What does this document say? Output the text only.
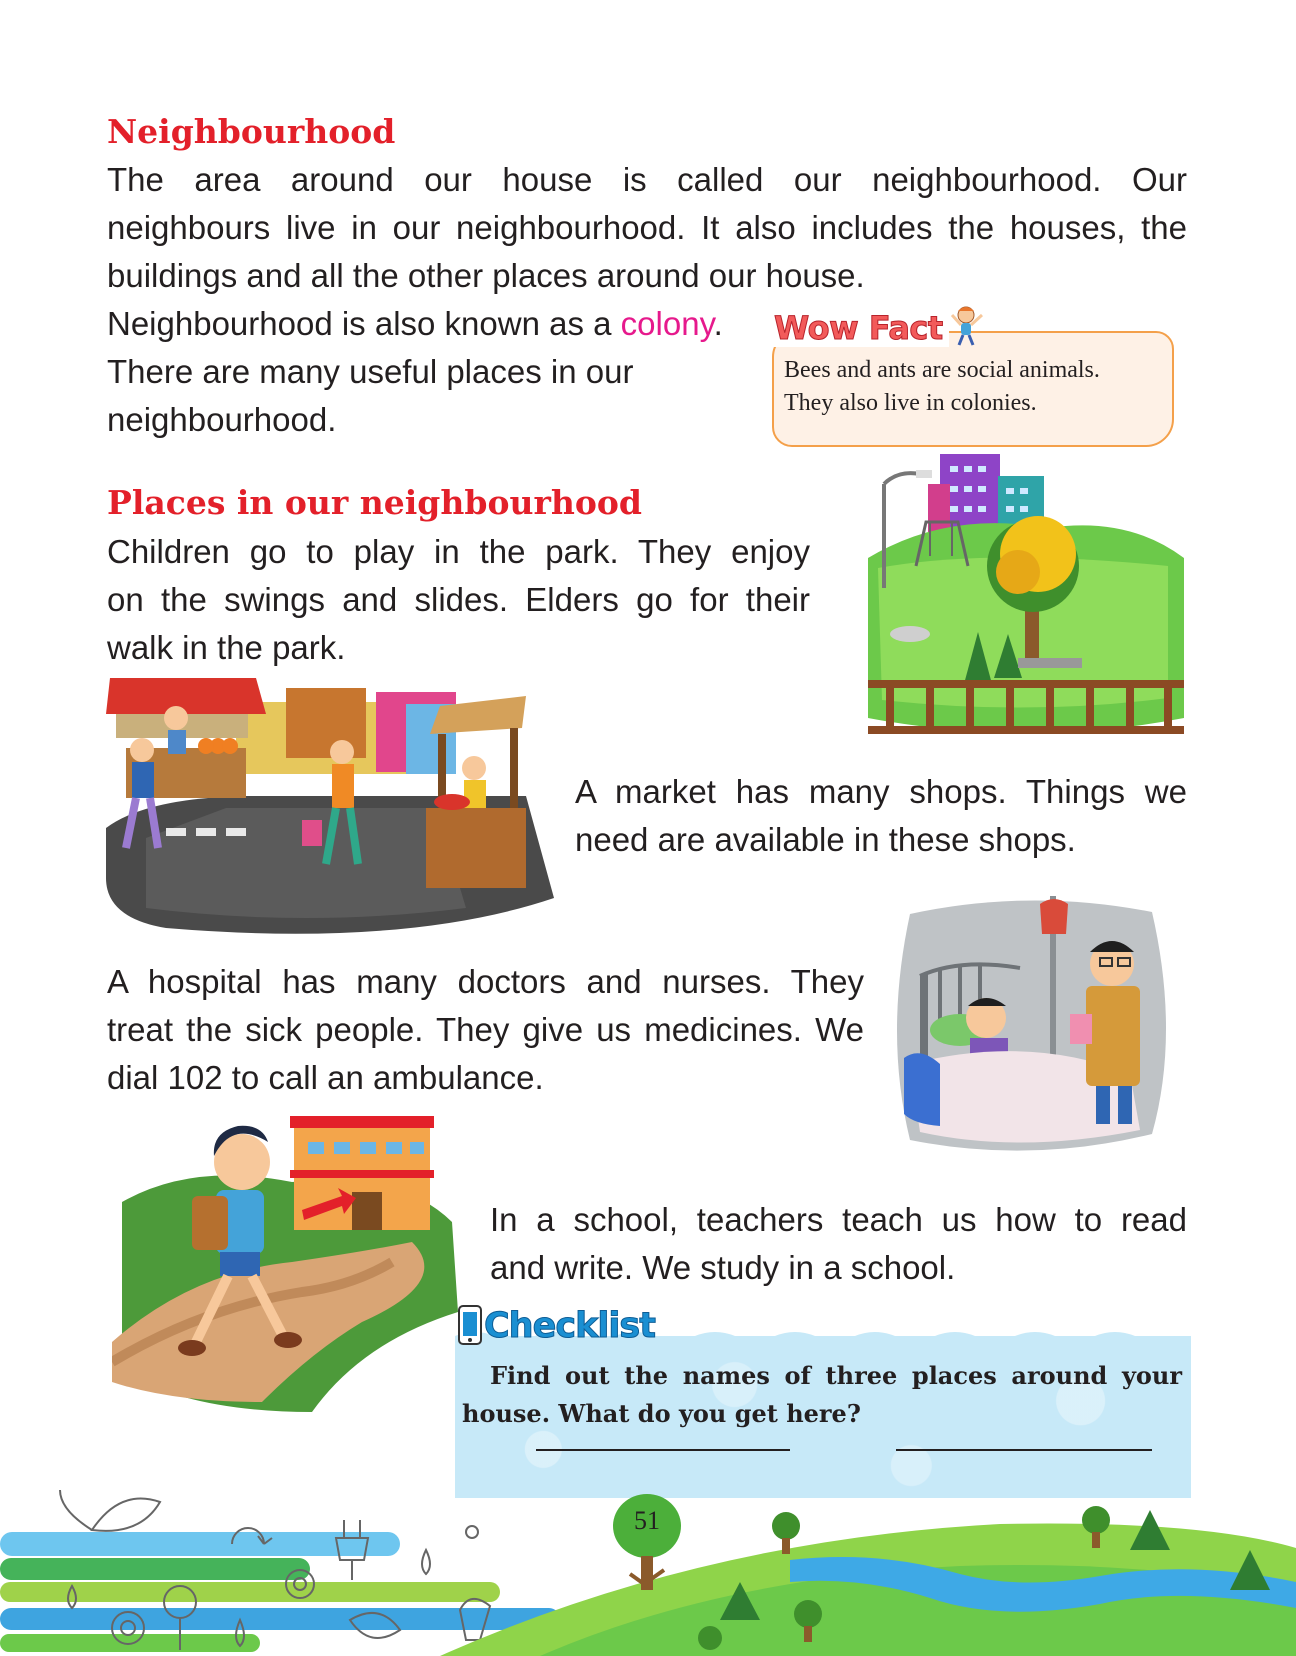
Neighbourhood
The area around our house is called our neighbourhood. Our
neighbours live in our neighbourhood. It also includes the houses, the
buildings and all the other places around our house.
Neighbourhood is also known as a colony.
There are many useful places in our
neighbourhood.
Wow Fact
Bees and ants are social animals.
They also live in colonies.
Places in our neighbourhood
Children go to play in the park. They enjoy
on the swings and slides. Elders go for their
walk in the park.
A market has many shops. Things we
need are available in these shops.
A hospital has many doctors and nurses. They
treat the sick people. They give us medicines. We
dial 102 to call an ambulance.
In a school, teachers teach us how to read
and write. We study in a school.
Checklist
Find out the names of three places around your
house. What do you get here?
51
